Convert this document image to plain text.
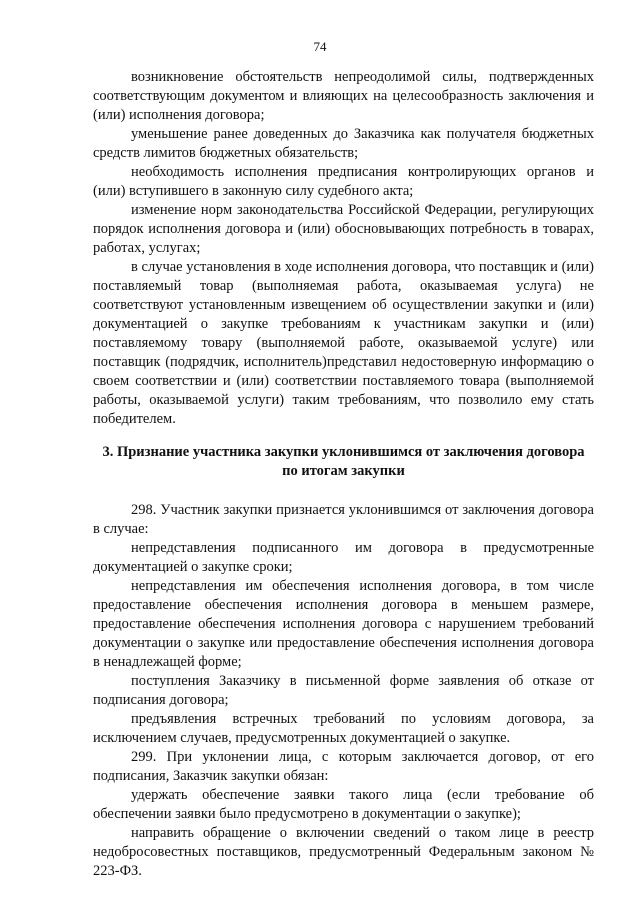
74

возникновение обстоятельств непреодолимой силы, подтвержденных соответствующим документом и влияющих на целесообразность заключения и (или) исполнения договора;

уменьшение ранее доведенных до Заказчика как получателя бюджетных средств лимитов бюджетных обязательств;

необходимость исполнения предписания контролирующих органов и (или) вступившего в законную силу судебного акта;

изменение норм законодательства Российской Федерации, регулирующих порядок исполнения договора и (или) обосновывающих потребность в товарах, работах, услугах;

в случае установления в ходе исполнения договора, что поставщик и (или) поставляемый товар (выполняемая работа, оказываемая услуга) не соответствуют установленным извещением об осуществлении закупки и (или) документацией о закупке требованиям к участникам закупки и (или) поставляемому товару (выполняемой работе, оказываемой услуге) или поставщик (подрядчик, исполнитель)представил недостоверную информацию о своем соответствии и (или) соответствии поставляемого товара (выполняемой работы, оказываемой услуги) таким требованиям, что позволило ему стать победителем.

3. Признание участника закупки уклонившимся от заключения договора
по итогам закупки

298. Участник закупки признается уклонившимся от заключения договора в случае:

непредставления подписанного им договора в предусмотренные документацией о закупке сроки;

непредставления им обеспечения исполнения договора, в том числе предоставление обеспечения исполнения договора в меньшем размере, предоставление обеспечения исполнения договора с нарушением требований документации о закупке или предоставление обеспечения исполнения договора в ненадлежащей форме;

поступления Заказчику в письменной форме заявления об отказе от подписания договора;

предъявления встречных требований по условиям договора, за исключением случаев, предусмотренных документацией о закупке.

299. При уклонении лица, с которым заключается договор, от его подписания, Заказчик закупки обязан:

удержать обеспечение заявки такого лица (если требование об обеспечении заявки было предусмотрено в документации о закупке);

направить обращение о включении сведений о таком лице в реестр недобросовестных поставщиков, предусмотренный Федеральным законом № 223-ФЗ.
